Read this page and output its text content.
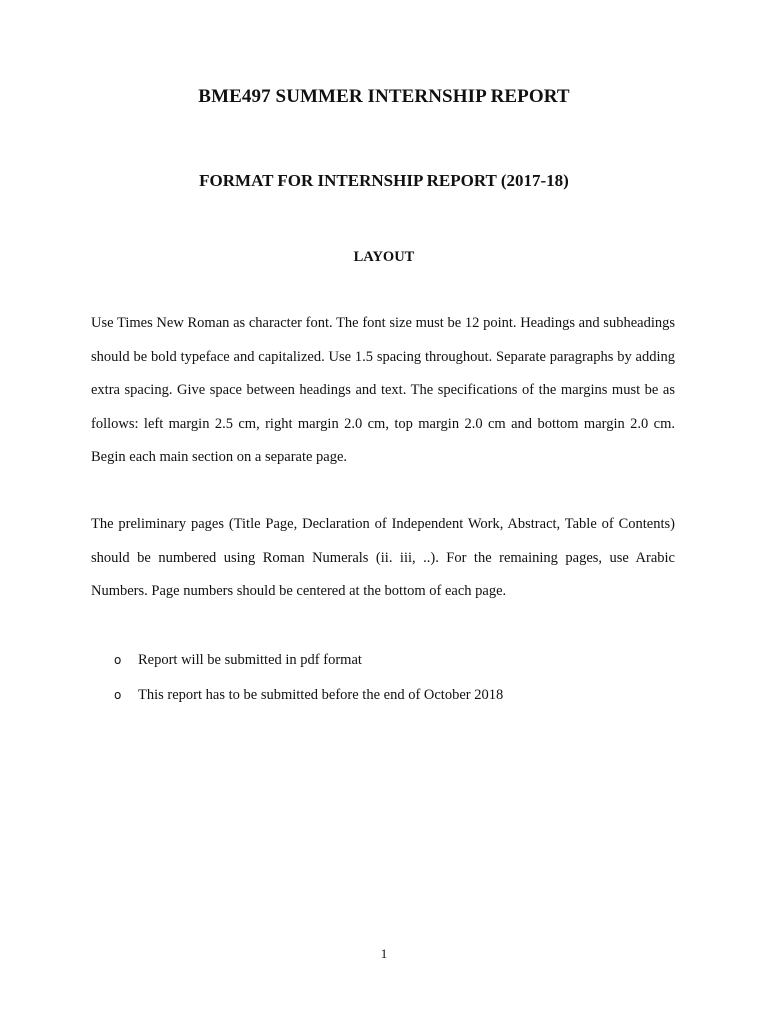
BME497 SUMMER INTERNSHIP REPORT
FORMAT FOR INTERNSHIP REPORT (2017-18)
LAYOUT

Use Times New Roman as character font. The font size must be 12 point. Headings and subheadings should be bold typeface and capitalized. Use 1.5 spacing throughout. Separate paragraphs by adding extra spacing. Give space between headings and text. The specifications of the margins must be as follows: left margin 2.5 cm, right margin 2.0 cm, top margin 2.0 cm and bottom margin 2.0 cm. Begin each main section on a separate page.

The preliminary pages (Title Page, Declaration of Independent Work, Abstract, Table of Contents) should be numbered using Roman Numerals (ii. iii, ..). For the remaining pages, use Arabic Numbers. Page numbers should be centered at the bottom of each page.

o Report will be submitted in pdf format
o This report has to be submitted before the end of October 2018
1
